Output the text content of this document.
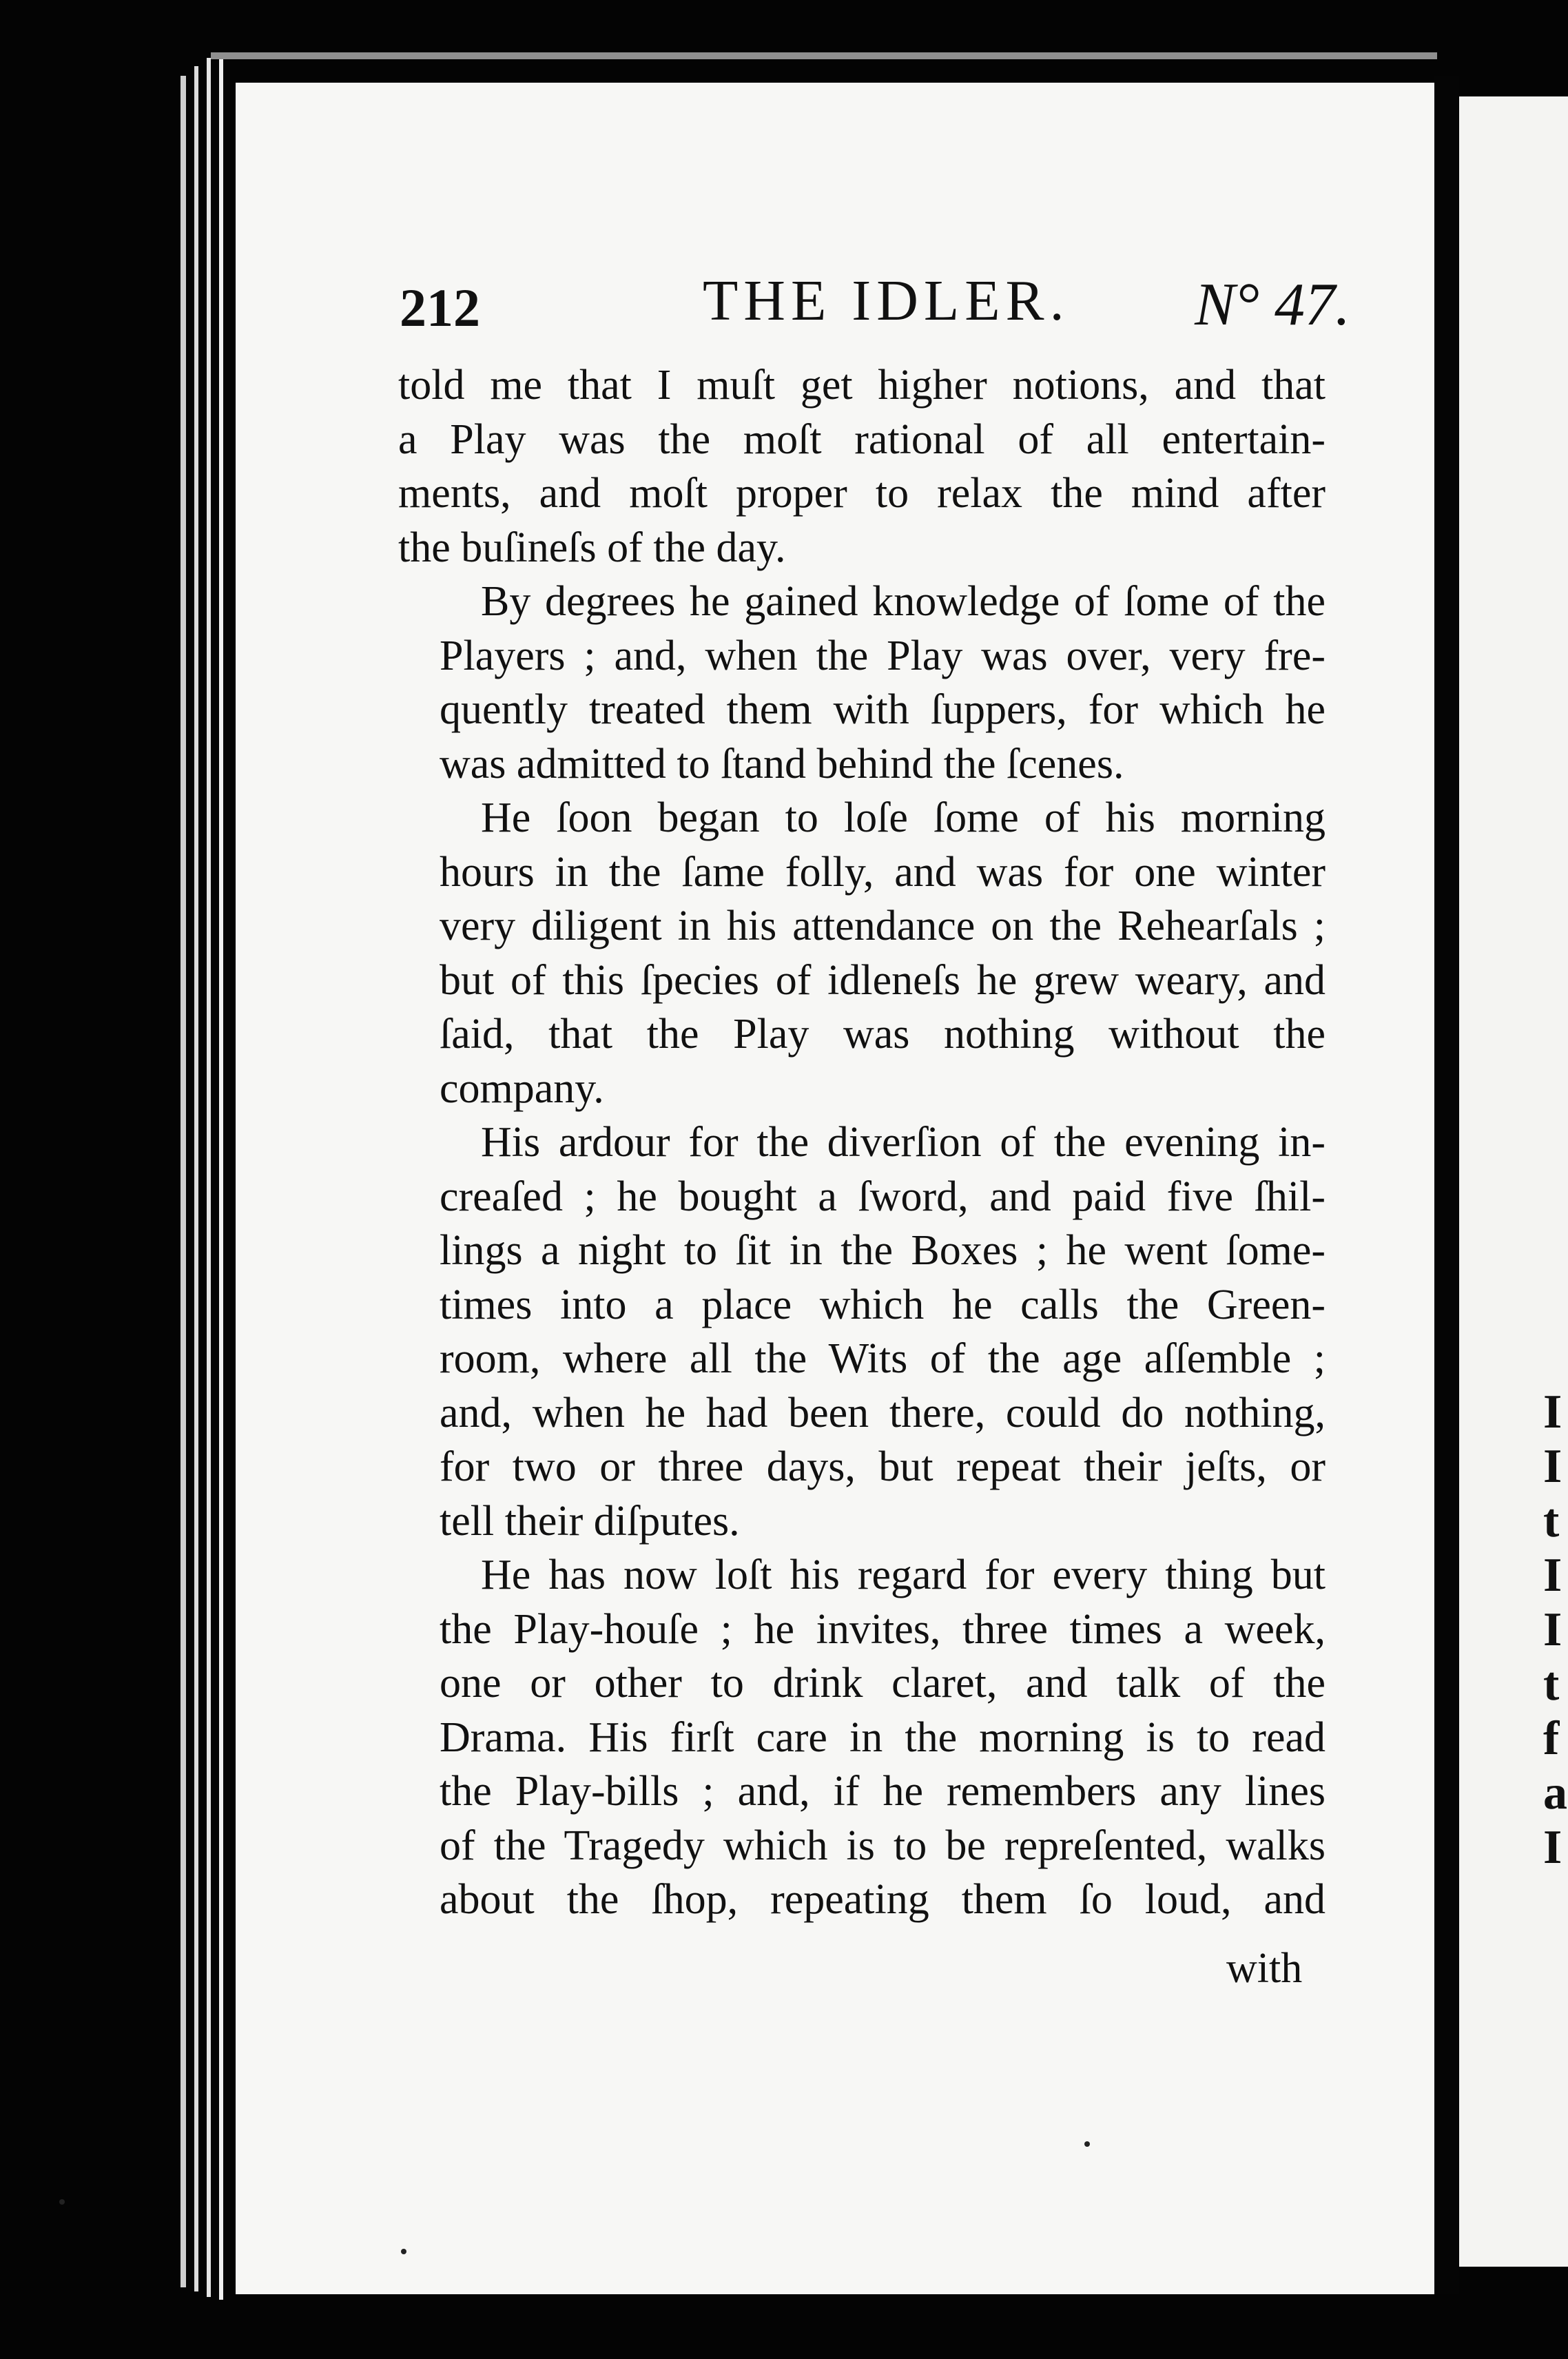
I
I
t
I
I
t
f
a
I
212	THE IDLER. N° 47.
told me that I muſt get higher notions, and that
a Play was the moſt rational of all entertain-
ments, and moſt proper to relax the mind after
the buſineſs of the day.
By degrees he gained knowledge of ſome of the
Players ; and, when the Play was over, very fre-
quently treated them with ſuppers, for which he
was admitted to ſtand behind the ſcenes.
He ſoon began to loſe ſome of his morning
hours in the ſame folly, and was for one winter
very diligent in his attendance on the Rehearſals ;
but of this ſpecies of idleneſs he grew weary, and
ſaid, that the Play was nothing without the
company.
His ardour for the diverſion of the evening in-
creaſed ; he bought a ſword, and paid five ſhil-
lings a night to ſit in the Boxes ; he went ſome-
times into a place which he calls the Green-
room, where all the Wits of the age aſſemble ;
and, when he had been there, could do nothing,
for two or three days, but repeat their jeſts, or
tell their diſputes.
He has now loſt his regard for every thing but
the Play-houſe ; he invites, three times a week,
one or other to drink claret, and talk of the
Drama. His firſt care in the morning is to read
the Play-bills ; and, if he remembers any lines
of the Tragedy which is to be repreſented, walks
about the ſhop, repeating them ſo loud, and
with
